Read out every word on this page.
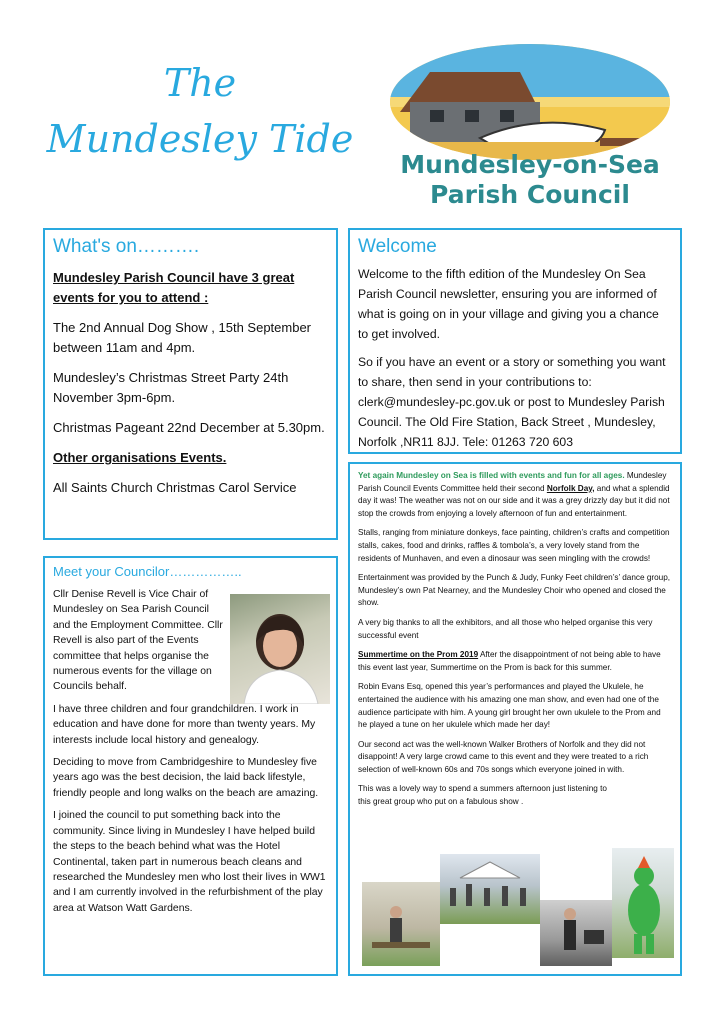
The
Mundesley Tide
Mundesley-on-Sea
Parish Council
What's on……….

Mundesley Parish Council have 3 great events for you to attend :

The 2nd Annual Dog Show , 15th September between 11am and 4pm.

Mundesley’s Christmas Street Party 24th November 3pm-6pm.

Christmas Pageant 22nd December at 5.30pm.

Other organisations Events.

All Saints Church Christmas Carol Service

Welcome

Welcome to the fifth edition of the Mundesley On Sea Parish Council newsletter, ensuring you are informed of what is going on in your village and giving you a chance to get involved.

So if you have an event or a story or something you want to share, then send in your contributions to: clerk@mundesley-pc.gov.uk or post to Mundesley Parish Council. The Old Fire Station, Back Street , Mundesley, Norfolk ,NR11 8JJ. Tele: 01263 720 603

Meet your Councilor……………..

Cllr Denise Revell is Vice Chair of Mundesley on Sea Parish Council and the Employment Committee. Cllr Revell is also part of the Events committee that helps organise the numerous events for the village on Councils behalf.

I have three children and four grandchildren. I work in education and have done for more than twenty years. My interests include local history and genealogy.

Deciding to move from Cambridgeshire to Mundesley five years ago was the best decision, the laid back lifestyle, friendly people and long walks on the beach are amazing.

I joined the council to put something back into the community. Since living in Mundesley I have helped build the steps to the beach behind what was the Hotel Continental, taken part in numerous beach cleans and researched the Mundesley men who lost their lives in WW1 and I am currently involved in the refurbishment of the play area at Watson Watt Gardens.

Yet again Mundesley on Sea is filled with events and fun for all ages. Mundesley Parish Council Events Committee held their second Norfolk Day, and what a splendid day it was! The weather was not on our side and it was a grey drizzly day but it did not stop the crowds from enjoying a lovely afternoon of fun and entertainment.

Stalls, ranging from miniature donkeys, face painting, children’s crafts and competition stalls, cakes, food and drinks, raffles & tombola’s, a very lovely stand from the residents of Munhaven, and even a dinosaur was seen mingling with the crowds!

Entertainment was provided by the Punch & Judy, Funky Feet children’s’ dance group, Mundesley’s own Pat Nearney, and the Mundesley Choir who opened and closed the show.

A very big thanks to all the exhibitors, and all those who helped organise this very successful event

Summertime on the Prom 2019 After the disappointment of not being able to have this event last year, Summertime on the Prom is back for this summer.

Robin Evans Esq, opened this year’s performances and played the Ukulele, he entertained the audience with his amazing one man show, and even had one of the audience participate with him. A young girl brought her own ukulele to the Prom and he played a tune on her ukulele which made her day!

Our second act was the well-known Walker Brothers of Norfolk and they did not disappoint! A very large crowd came to this event and they were treated to a rich selection of well-known 60s and 70s songs which everyone joined in with.

This was a lovely way to spend a summers afternoon just listening to this great group who put on a fabulous show .
